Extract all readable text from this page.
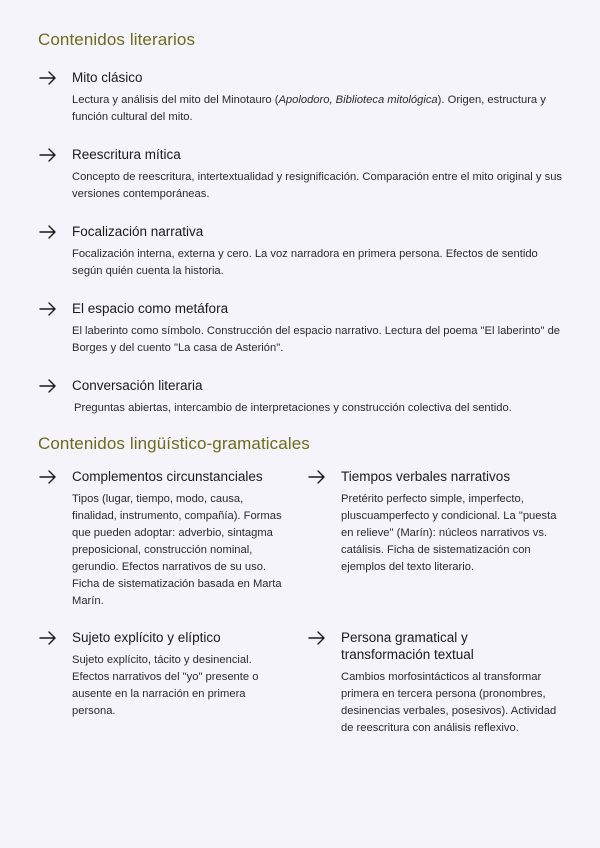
Contenidos literarios
Mito clásico

Lectura y análisis del mito del Minotauro (Apolodoro, Biblioteca mitológica). Origen, estructura y función cultural del mito.

Reescritura mítica

Concepto de reescritura, intertextualidad y resignificación. Comparación entre el mito original y sus versiones contemporáneas.

Focalización narrativa

Focalización interna, externa y cero. La voz narradora en primera persona. Efectos de sentido según quién cuenta la historia.

El espacio como metáfora

El laberinto como símbolo. Construcción del espacio narrativo. Lectura del poema "El laberinto" de Borges y del cuento "La casa de Asterión".

Conversación literaria

Preguntas abiertas, intercambio de interpretaciones y construcción colectiva del sentido.

Contenidos lingüístico-gramaticales
Complementos circunstanciales

Tipos (lugar, tiempo, modo, causa, finalidad, instrumento, compañía). Formas que pueden adoptar: adverbio, sintagma preposicional, construcción nominal, gerundio. Efectos narrativos de su uso. Ficha de sistematización basada en Marta Marín.

Tiempos verbales narrativos

Pretérito perfecto simple, imperfecto, pluscuamperfecto y condicional. La "puesta en relieve" (Marín): núcleos narrativos vs. catálisis. Ficha de sistematización con ejemplos del texto literario.

Sujeto explícito y elíptico

Sujeto explícito, tácito y desinencial. Efectos narrativos del "yo" presente o ausente en la narración en primera persona.

Persona gramatical y transformación textual

Cambios morfosintácticos al transformar primera en tercera persona (pronombres, desinencias verbales, posesivos). Actividad de reescritura con análisis reflexivo.
